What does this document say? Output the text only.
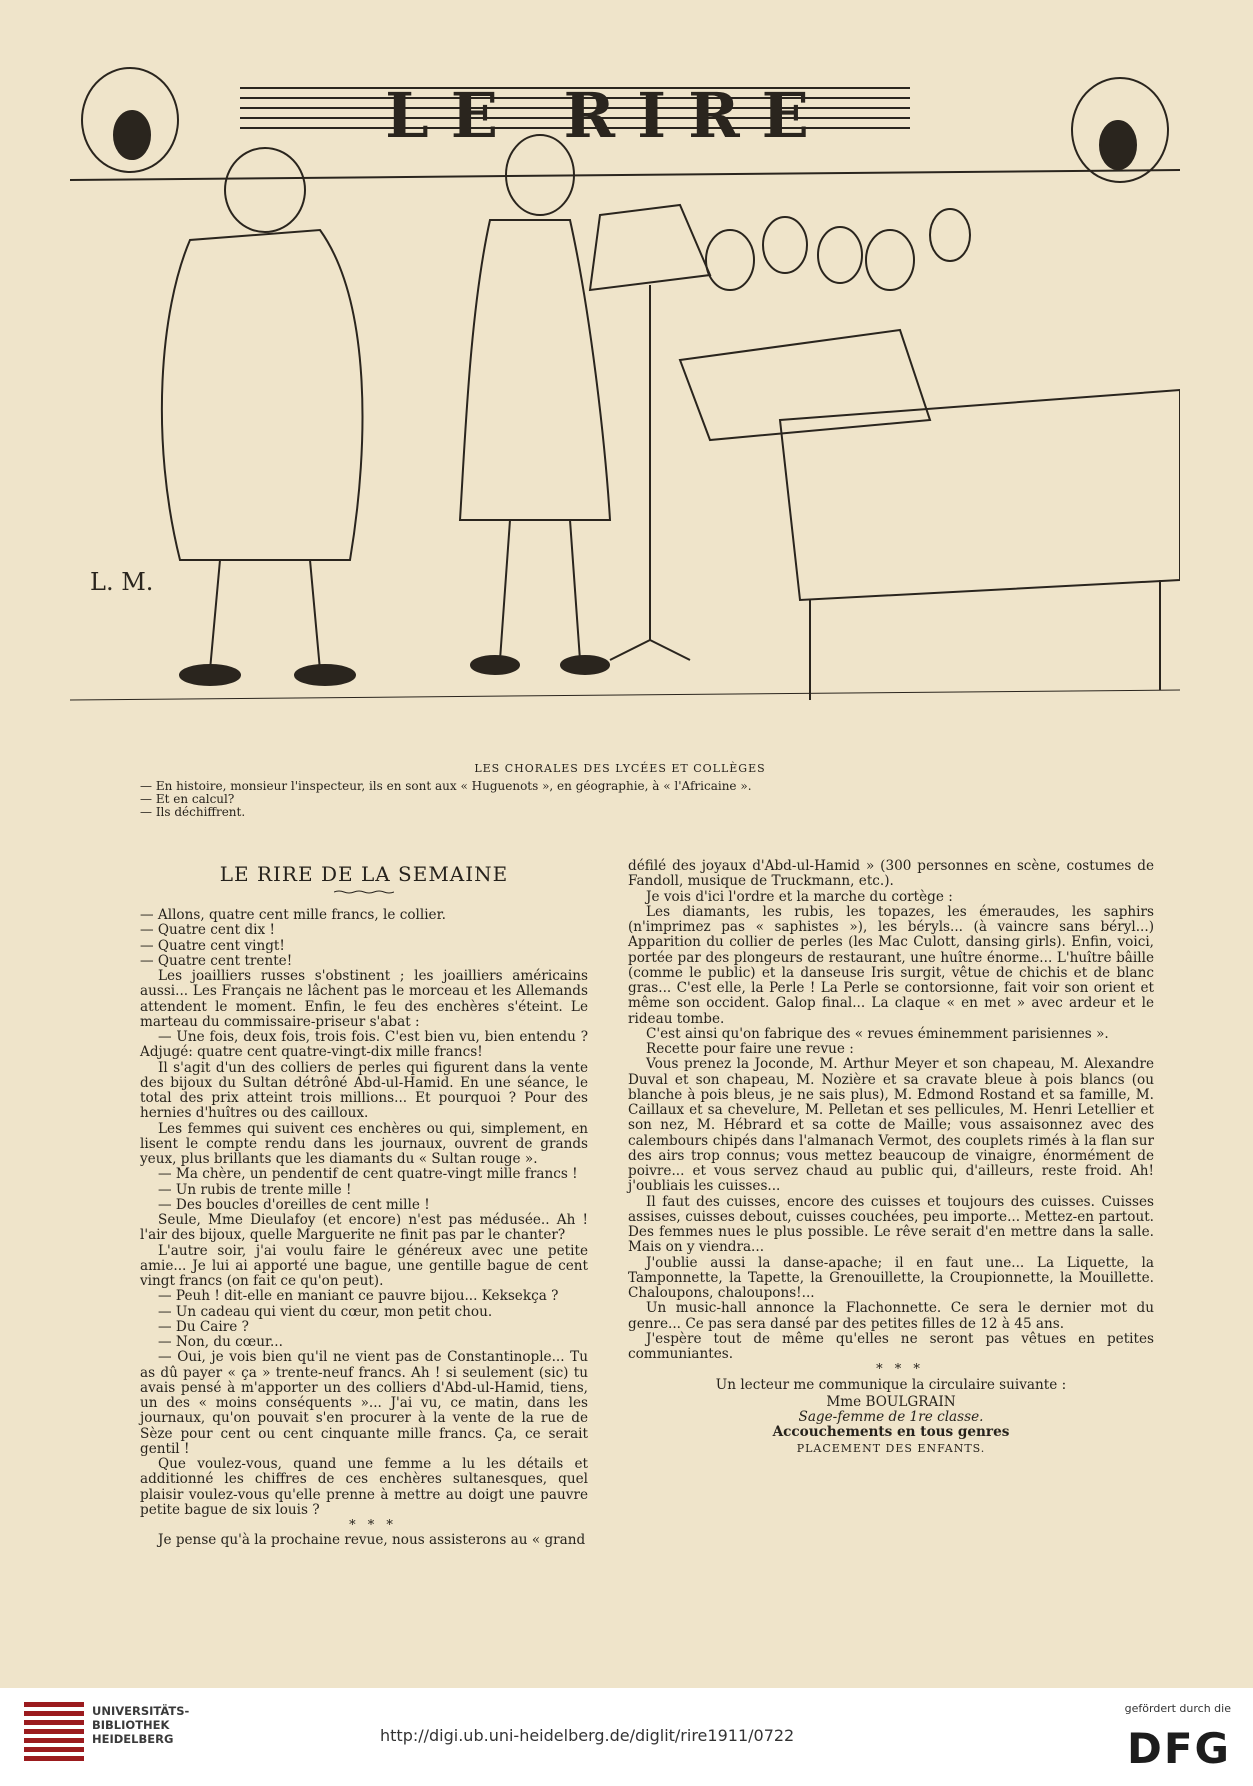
L. M.
LE RIRE
LES CHORALES DES LYCÉES ET COLLÈGES
— En histoire, monsieur l'inspecteur, ils en sont aux « Huguenots », en géographie, à « l'Africaine ».
— Et en calcul?
— Ils déchiffrent.
LE RIRE DE LA SEMAINE

— Allons, quatre cent mille francs, le collier.

— Quatre cent dix !

— Quatre cent vingt!

— Quatre cent trente!

Les joailliers russes s'obstinent ; les joailliers américains aussi... Les Français ne lâchent pas le morceau et les Allemands attendent le moment. Enfin, le feu des enchères s'éteint. Le marteau du commissaire-priseur s'abat :

— Une fois, deux fois, trois fois. C'est bien vu, bien entendu ? Adjugé: quatre cent quatre-vingt-dix mille francs!

Il s'agit d'un des colliers de perles qui figurent dans la vente des bijoux du Sultan détrôné Abd-ul-Hamid. En une séance, le total des prix atteint trois millions... Et pourquoi ? Pour des hernies d'huîtres ou des cailloux.

Les femmes qui suivent ces enchères ou qui, simplement, en lisent le compte rendu dans les journaux, ouvrent de grands yeux, plus brillants que les diamants du « Sultan rouge ».

— Ma chère, un pendentif de cent quatre-vingt mille francs !

— Un rubis de trente mille !

— Des boucles d'oreilles de cent mille !

Seule, Mme Dieulafoy (et encore) n'est pas médusée.. Ah ! l'air des bijoux, quelle Marguerite ne finit pas par le chanter?

L'autre soir, j'ai voulu faire le généreux avec une petite amie... Je lui ai apporté une bague, une gentille bague de cent vingt francs (on fait ce qu'on peut).

— Peuh ! dit-elle en maniant ce pauvre bijou... Keksekça ?

— Un cadeau qui vient du cœur, mon petit chou.

— Du Caire ?

— Non, du cœur...

— Oui, je vois bien qu'il ne vient pas de Constantinople... Tu as dû payer « ça » trente-neuf francs. Ah ! si seulement (sic) tu avais pensé à m'apporter un des colliers d'Abd-ul-Hamid, tiens, un des « moins conséquents »... J'ai vu, ce matin, dans les journaux, qu'on pouvait s'en procurer à la vente de la rue de Sèze pour cent ou cent cinquante mille francs. Ça, ce serait gentil !

Que voulez-vous, quand une femme a lu les détails et additionné les chiffres de ces enchères sultanesques, quel plaisir voulez-vous qu'elle prenne à mettre au doigt une pauvre petite bague de six louis ?

* * *

Je pense qu'à la prochaine revue, nous assisterons au « grand

défilé des joyaux d'Abd-ul-Hamid » (300 personnes en scène, costumes de Fandoll, musique de Truckmann, etc.).

Je vois d'ici l'ordre et la marche du cortège :

Les diamants, les rubis, les topazes, les émeraudes, les saphirs (n'imprimez pas « saphistes »), les béryls... (à vaincre sans béryl...) Apparition du collier de perles (les Mac Culott, dansing girls). Enfin, voici, portée par des plongeurs de restaurant, une huître énorme... L'huître bâille (comme le public) et la danseuse Iris surgit, vêtue de chichis et de blanc gras... C'est elle, la Perle ! La Perle se contorsionne, fait voir son orient et même son occident. Galop final... La claque « en met » avec ardeur et le rideau tombe.

C'est ainsi qu'on fabrique des « revues éminemment parisiennes ».

Recette pour faire une revue :

Vous prenez la Joconde, M. Arthur Meyer et son chapeau, M. Alexandre Duval et son chapeau, M. Nozière et sa cravate bleue à pois blancs (ou blanche à pois bleus, je ne sais plus), M. Edmond Rostand et sa famille, M. Caillaux et sa chevelure, M. Pelletan et ses pellicules, M. Henri Letellier et son nez, M. Hébrard et sa cotte de Maille; vous assaisonnez avec des calembours chipés dans l'almanach Vermot, des couplets rimés à la flan sur des airs trop connus; vous mettez beaucoup de vinaigre, énormément de poivre... et vous servez chaud au public qui, d'ailleurs, reste froid. Ah! j'oubliais les cuisses...

Il faut des cuisses, encore des cuisses et toujours des cuisses. Cuisses assises, cuisses debout, cuisses couchées, peu importe... Mettez-en partout. Des femmes nues le plus possible. Le rêve serait d'en mettre dans la salle. Mais on y viendra...

J'oublie aussi la danse-apache; il en faut une... La Liquette, la Tamponnette, la Tapette, la Grenouillette, la Croupionnette, la Mouillette. Chaloupons, chaloupons!...

Un music-hall annonce la Flachonnette. Ce sera le dernier mot du genre... Ce pas sera dansé par des petites filles de 12 à 45 ans.

J'espère tout de même qu'elles ne seront pas vêtues en petites communiantes.

* * *

Un lecteur me communique la circulaire suivante :

Mme BOULGRAIN

Sage-femme de 1re classe.

Accouchements en tous genres

PLACEMENT DES ENFANTS.

UNIVERSITÄTS-
BIBLIOTHEK
HEIDELBERG	http://digi.ub.uni-heidelberg.de/diglit/rire1911/0722
gefördert durch die
DFG
